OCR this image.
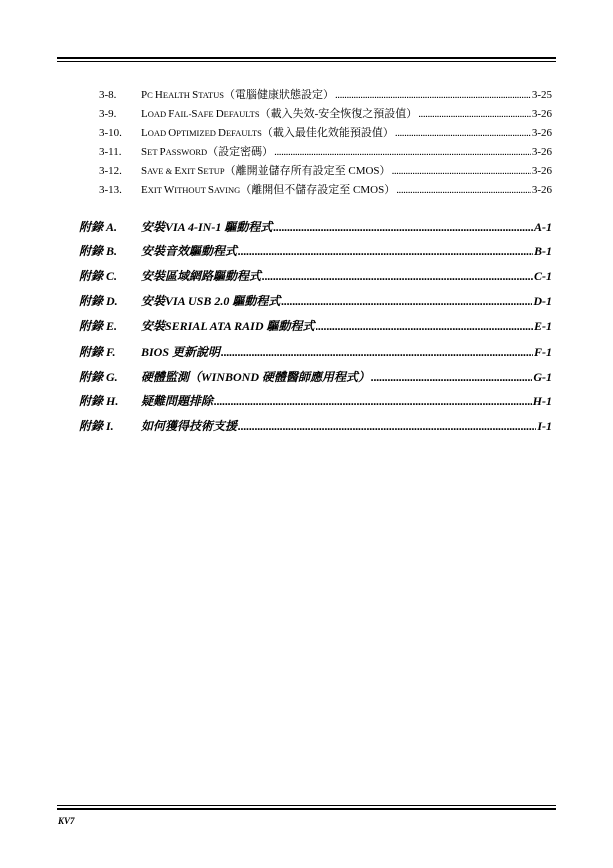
3-8.	PC HEALTH STATUS（電腦健康狀態設定） . . .	3-25
3-9.	LOAD FAIL-SAFE DEFAULTS（載入失效-安全恢復之預設值） . . .	3-26
3-10.	LOAD OPTIMIZED DEFAULTS（載入最佳化效能預設值） . . .	3-26
3-11.	SET PASSWORD（設定密碼） . . .	3-26
3-12.	SAVE & EXIT SETUP（離開並儲存所有設定至 CMOS） . . .	3-26
3-13.	EXIT WITHOUT SAVING（離開但不儲存設定至 CMOS） . . .	3-26
附錄 A.	安裝VIA 4-IN-1 驅動程式 . . .	A-1
附錄 B.	安裝音效驅動程式 . . .	B-1
附錄 C.	安裝區域網路驅動程式 . . .	C-1
附錄 D.	安裝VIA USB 2.0 驅動程式 . . .	D-1
附錄 E.	安裝SERIAL ATA RAID 驅動程式 . . .	E-1
附錄 F.	BIOS 更新說明 . . .	F-1
附錄 G.	硬體監測（WINBOND 硬體醫師應用程式） . . .	G-1
附錄 H.	疑難問題排除 . . .	H-1
附錄 I.	如何獲得技術支援 . . .	I-1
KV7
